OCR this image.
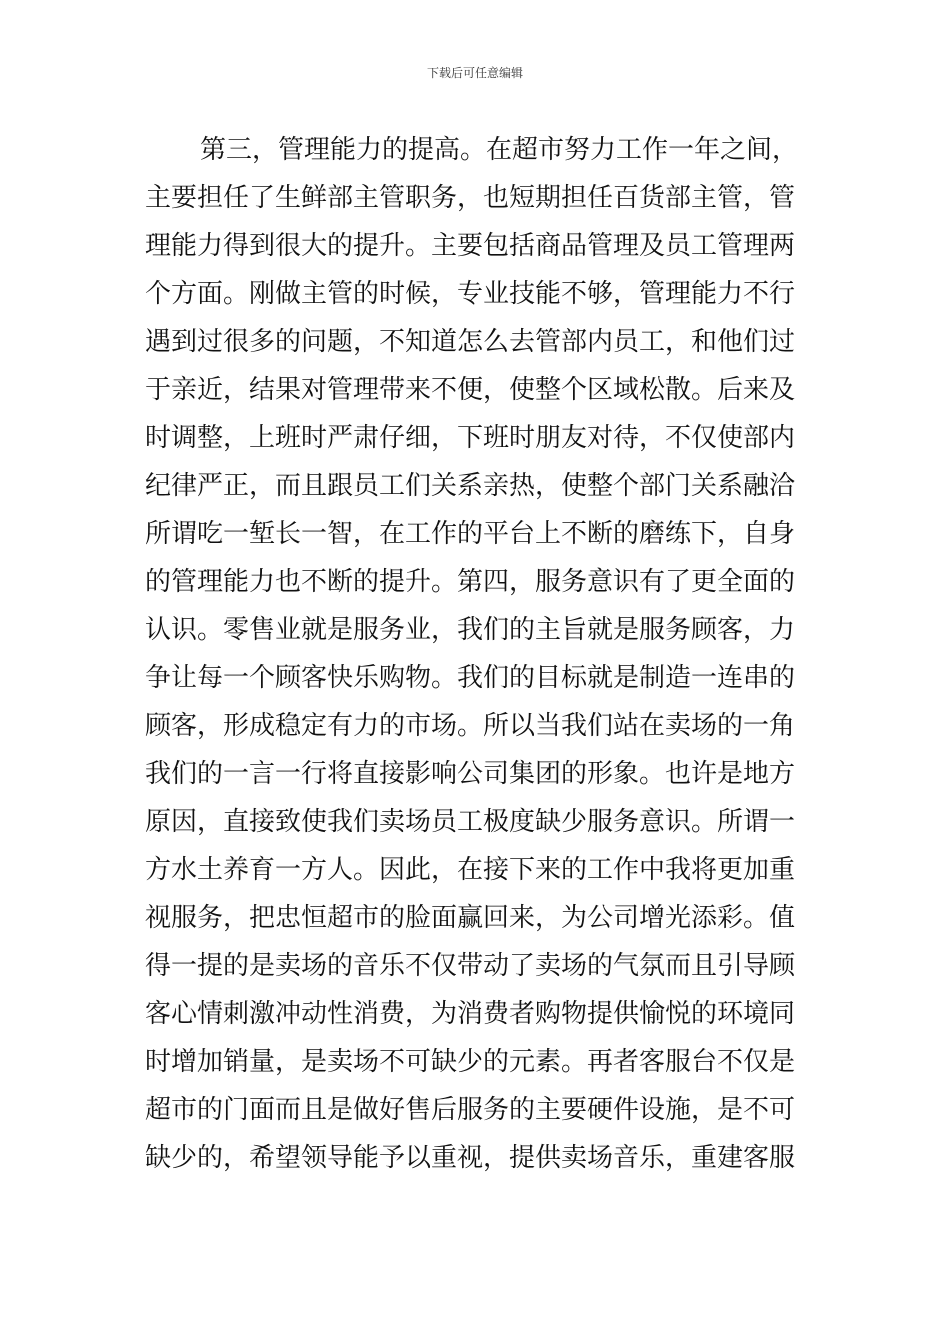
下载后可任意编辑
第三，管理能力的提高。在超市努力工作一年之间，
主要担任了生鲜部主管职务，也短期担任百货部主管，管
理能力得到很大的提升。主要包括商品管理及员工管理两
个方面。刚做主管的时候，专业技能不够，管理能力不行
遇到过很多的问题，不知道怎么去管部内员工，和他们过
于亲近，结果对管理带来不便，使整个区域松散。后来及
时调整，上班时严肃仔细，下班时朋友对待，不仅使部内
纪律严正，而且跟员工们关系亲热，使整个部门关系融洽
所谓吃一堑长一智，在工作的平台上不断的磨练下，自身
的管理能力也不断的提升。第四，服务意识有了更全面的
认识。零售业就是服务业，我们的主旨就是服务顾客，力
争让每一个顾客快乐购物。我们的目标就是制造一连串的
顾客，形成稳定有力的市场。所以当我们站在卖场的一角
我们的一言一行将直接影响公司集团的形象。也许是地方
原因，直接致使我们卖场员工极度缺少服务意识。所谓一
方水土养育一方人。因此，在接下来的工作中我将更加重
视服务，把忠恒超市的脸面赢回来，为公司增光添彩。值
得一提的是卖场的音乐不仅带动了卖场的气氛而且引导顾
客心情刺激冲动性消费，为消费者购物提供愉悦的环境同
时增加销量，是卖场不可缺少的元素。再者客服台不仅是
超市的门面而且是做好售后服务的主要硬件设施，是不可
缺少的，希望领导能予以重视，提供卖场音乐，重建客服
